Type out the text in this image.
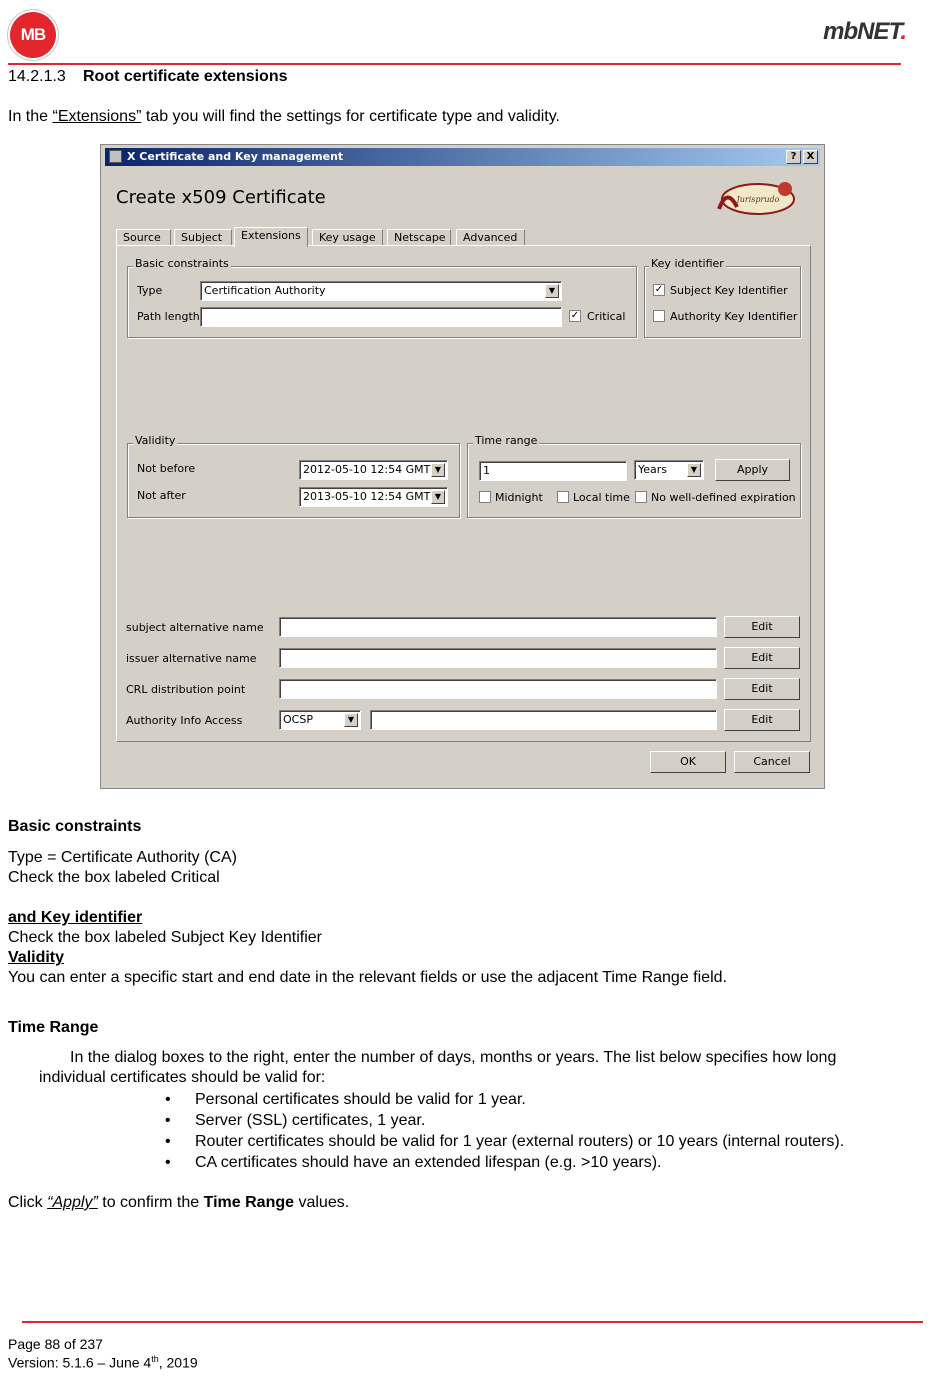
MB	mbNET.
14.2.1.3 Root certificate extensions
In the “Extensions” tab you will find the settings for certificate type and validity.
X Certificate and Key management	?	X
Create x509 Certificate	Jurisprudo
Source	Subject	Extensions	Key usage	Netscape	Advanced
Basic constraints
Type	Certification Authority	▼
Path length	✓ Critical
Key identifier
✓ Subject Key Identifier
Authority Key Identifier
Validity
Not before	2012-05-10 12:54 GMT ▼
Not after	2013-05-10 12:54 GMT ▼
Time range
1	Years	▼	Apply
Midnight	Local time No well-defined expiration
subject alternative name	Edit
issuer alternative name	Edit
CRL distribution point	Edit
Authority Info Access	OCSP	▼	Edit
OK	Cancel
Basic constraints
Type = Certificate Authority (CA)
Check the box labeled Critical
and Key identifier
Check the box labeled Subject Key Identifier
Validity
You can enter a specific start and end date in the relevant fields or use the adjacent Time Range field.
Time Range
In the dialog boxes to the right, enter the number of days, months or years. The list below specifies how long
individual certificates should be valid for:
• Personal certificates should be valid for 1 year.
• Server (SSL) certificates, 1 year.
• Router certificates should be valid for 1 year (external routers) or 10 years (internal routers).
• CA certificates should have an extended lifespan (e.g. >10 years).
Click “Apply” to confirm the Time Range values.
Page 88 of 237
Version: 5.1.6 – June 4th, 2019
